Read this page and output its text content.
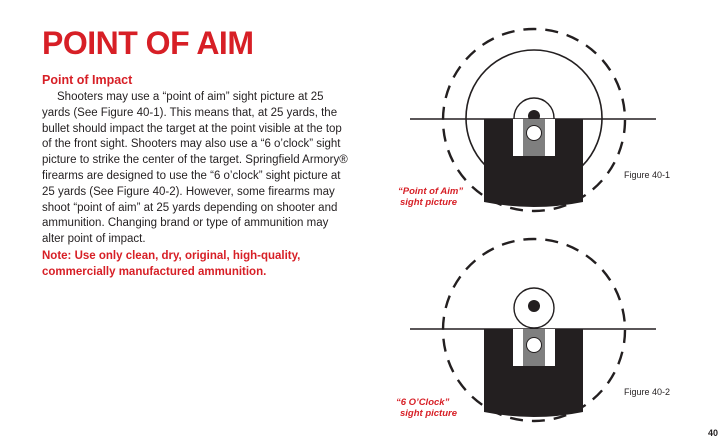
POINT OF AIM
Point of Impact

Shooters may use a “point of aim” sight picture at 25 yards (See Figure 40-1). This means that, at 25 yards, the bullet should impact the target at the point visible at the top of the front sight. Shooters may also use a “6 o’clock” sight picture to strike the center of the target. Springfield Armory® firearms are designed to use the “6 o’clock” sight picture at 25 yards (See Figure 40-2). However, some firearms may shoot “point of aim” at 25 yards depending on shooter and ammunition. Changing brand or type of ammunition may alter point of impact.

Note: Use only clean, dry, original, high-quality, commercially manufactured ammunition.

“Point of Aim”
sight picture
Figure 40-1
“6 O’Clock”
sight picture
Figure 40-2
40
